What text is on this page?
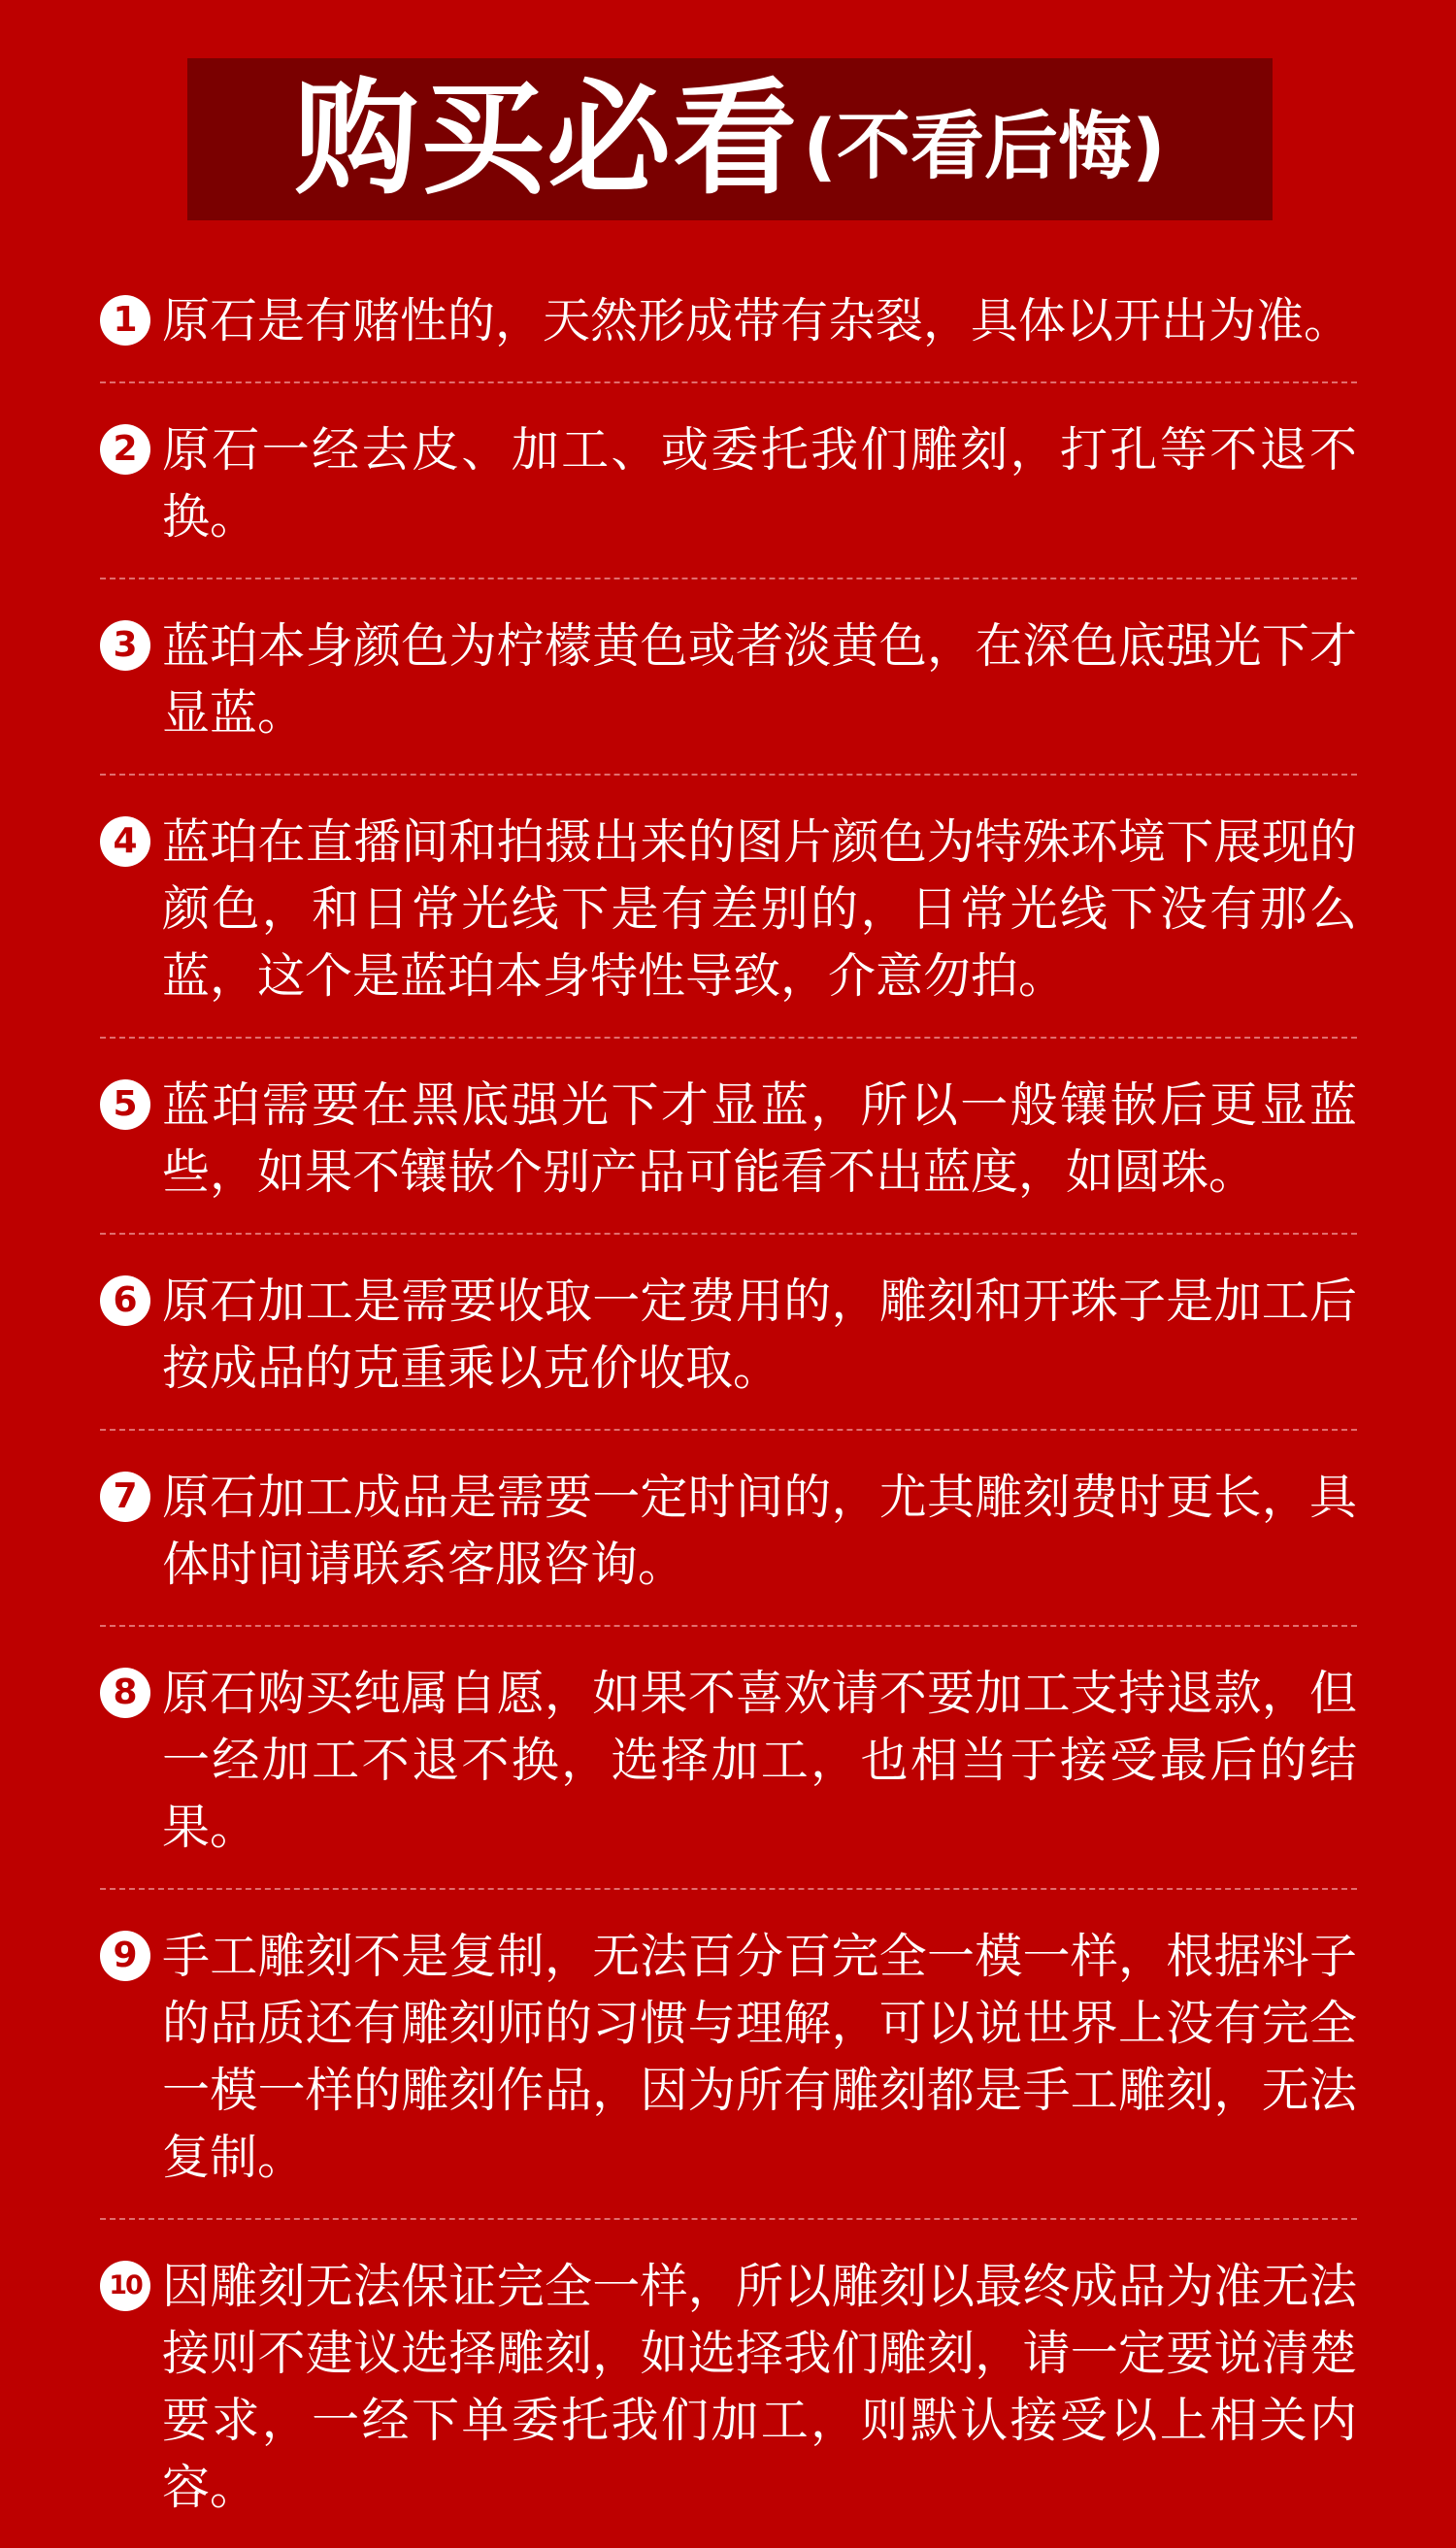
购买必看 (不看后悔)
1 原石是有赌性的，天然形成带有杂裂，具体以开出为准。
2 原石一经去皮、加工、或委托我们雕刻，打孔等不退不换。
3 蓝珀本身颜色为柠檬黄色或者淡黄色，在深色底强光下才显蓝。
4 蓝珀在直播间和拍摄出来的图片颜色为特殊环境下展现的颜色，和日常光线下是有差别的，日常光线下没有那么蓝，这个是蓝珀本身特性导致，介意勿拍。
5 蓝珀需要在黑底强光下才显蓝，所以一般镶嵌后更显蓝些，如果不镶嵌个别产品可能看不出蓝度，如圆珠。
6 原石加工是需要收取一定费用的，雕刻和开珠子是加工后按成品的克重乘以克价收取。
7 原石加工成品是需要一定时间的，尤其雕刻费时更长，具体时间请联系客服咨询。
8 原石购买纯属自愿，如果不喜欢请不要加工支持退款，但一经加工不退不换，选择加工，也相当于接受最后的结果。
9 手工雕刻不是复制，无法百分百完全一模一样，根据料子的品质还有雕刻师的习惯与理解，可以说世界上没有完全一模一样的雕刻作品，因为所有雕刻都是手工雕刻，无法复制。
10 因雕刻无法保证完全一样，所以雕刻以最终成品为准无法接则不建议选择雕刻，如选择我们雕刻，请一定要说清楚要求，一经下单委托我们加工，则默认接受以上相关内容。
